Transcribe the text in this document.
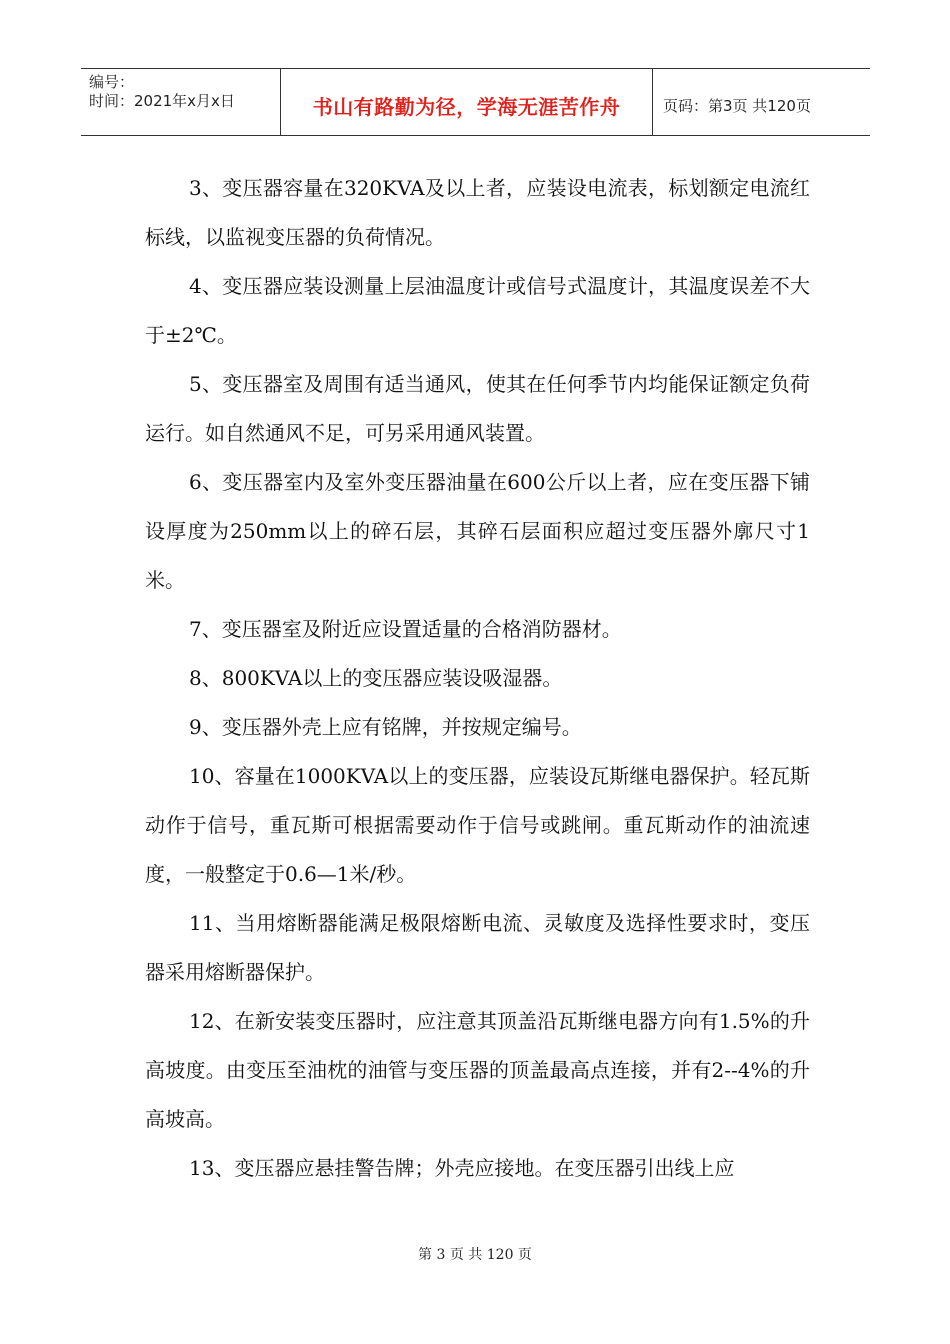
编号：
时间：2021年x月x日	书山有路勤为径，学海无涯苦作舟	页码：第3页 共120页

3、变压器容量在320KVA及以上者，应装设电流表，标划额定电流红标线，以监视变压器的负荷情况。

4、变压器应装设测量上层油温度计或信号式温度计，其温度误差不大于±2℃。

5、变压器室及周围有适当通风，使其在任何季节内均能保证额定负荷运行。如自然通风不足，可另采用通风装置。

6、变压器室内及室外变压器油量在600公斤以上者，应在变压器下铺设厚度为250mm以上的碎石层，其碎石层面积应超过变压器外廓尺寸1米。

7、变压器室及附近应设置适量的合格消防器材。

8、800KVA以上的变压器应装设吸湿器。

9、变压器外壳上应有铭牌，并按规定编号。

10、容量在1000KVA以上的变压器，应装设瓦斯继电器保护。轻瓦斯动作于信号，重瓦斯可根据需要动作于信号或跳闸。重瓦斯动作的油流速度，一般整定于0.6—1米/秒。

11、当用熔断器能满足极限熔断电流、灵敏度及选择性要求时，变压器采用熔断器保护。

12、在新安装变压器时，应注意其顶盖沿瓦斯继电器方向有1.5%的升高坡度。由变压至油枕的油管与变压器的顶盖最高点连接，并有2--4%的升高坡高。

13、变压器应悬挂警告牌；外壳应接地。在变压器引出线上应

第 3 页 共 120 页
